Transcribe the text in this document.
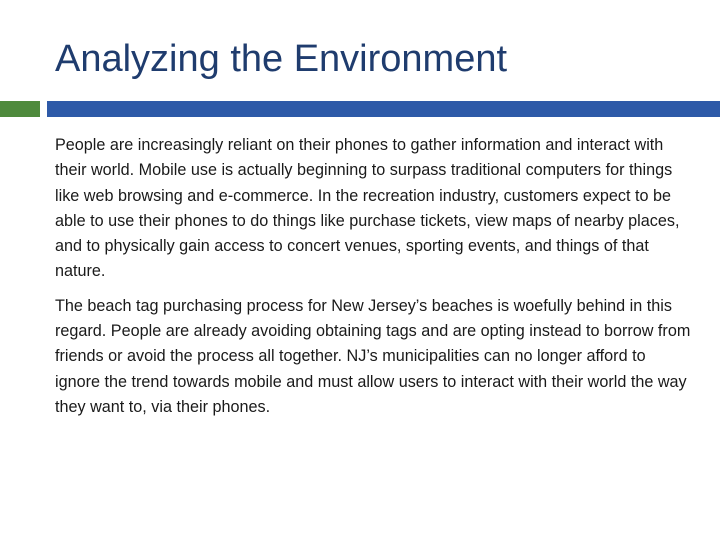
Analyzing the Environment

People are increasingly reliant on their phones to gather information and interact with their world. Mobile use is actually beginning to surpass traditional computers for things like web browsing and e-commerce. In the recreation industry, customers expect to be able to use their phones to do things like purchase tickets, view maps of nearby places, and to physically gain access to concert venues, sporting events, and things of that nature.

The beach tag purchasing process for New Jersey’s beaches is woefully behind in this regard. People are already avoiding obtaining tags and are opting instead to borrow from friends or avoid the process all together. NJ’s municipalities can no longer afford to ignore the trend towards mobile and must allow users to interact with their world the way they want to, via their phones.
